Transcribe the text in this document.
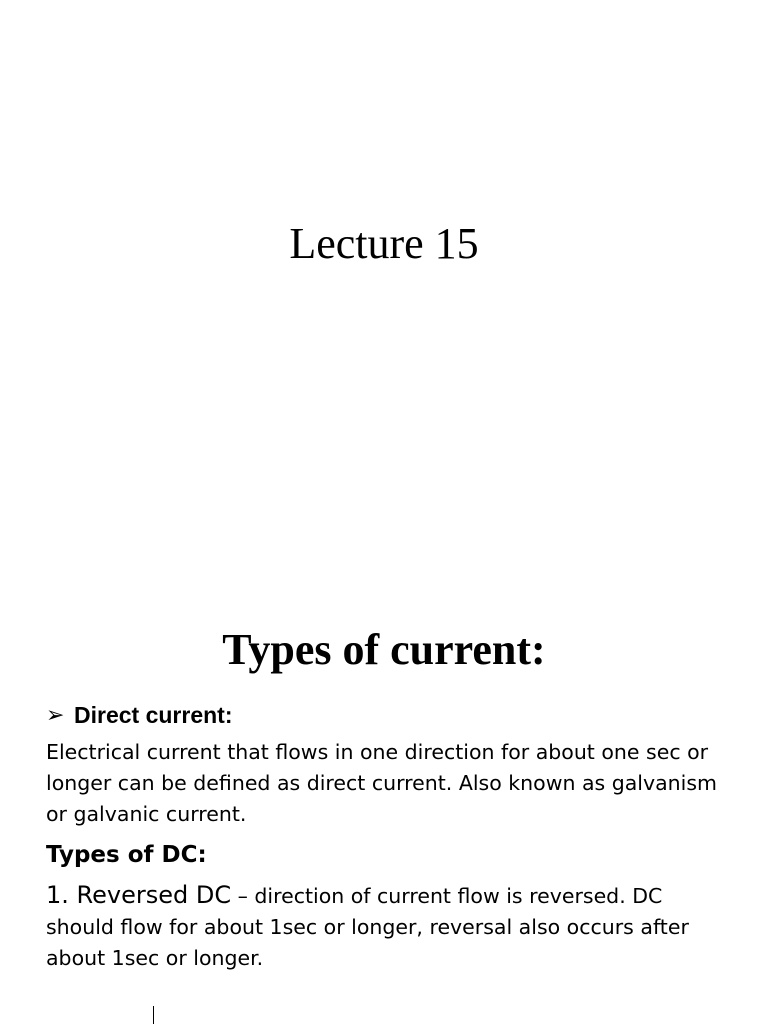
Lecture 15
Types of current:
➢ Direct current:

Electrical current that flows in one direction for about one sec or longer can be defined as direct current. Also known as galvanism or galvanic current.

Types of DC:

1. Reversed DC – direction of current flow is reversed. DC should flow for about 1sec or longer, reversal also occurs after about 1sec or longer.
